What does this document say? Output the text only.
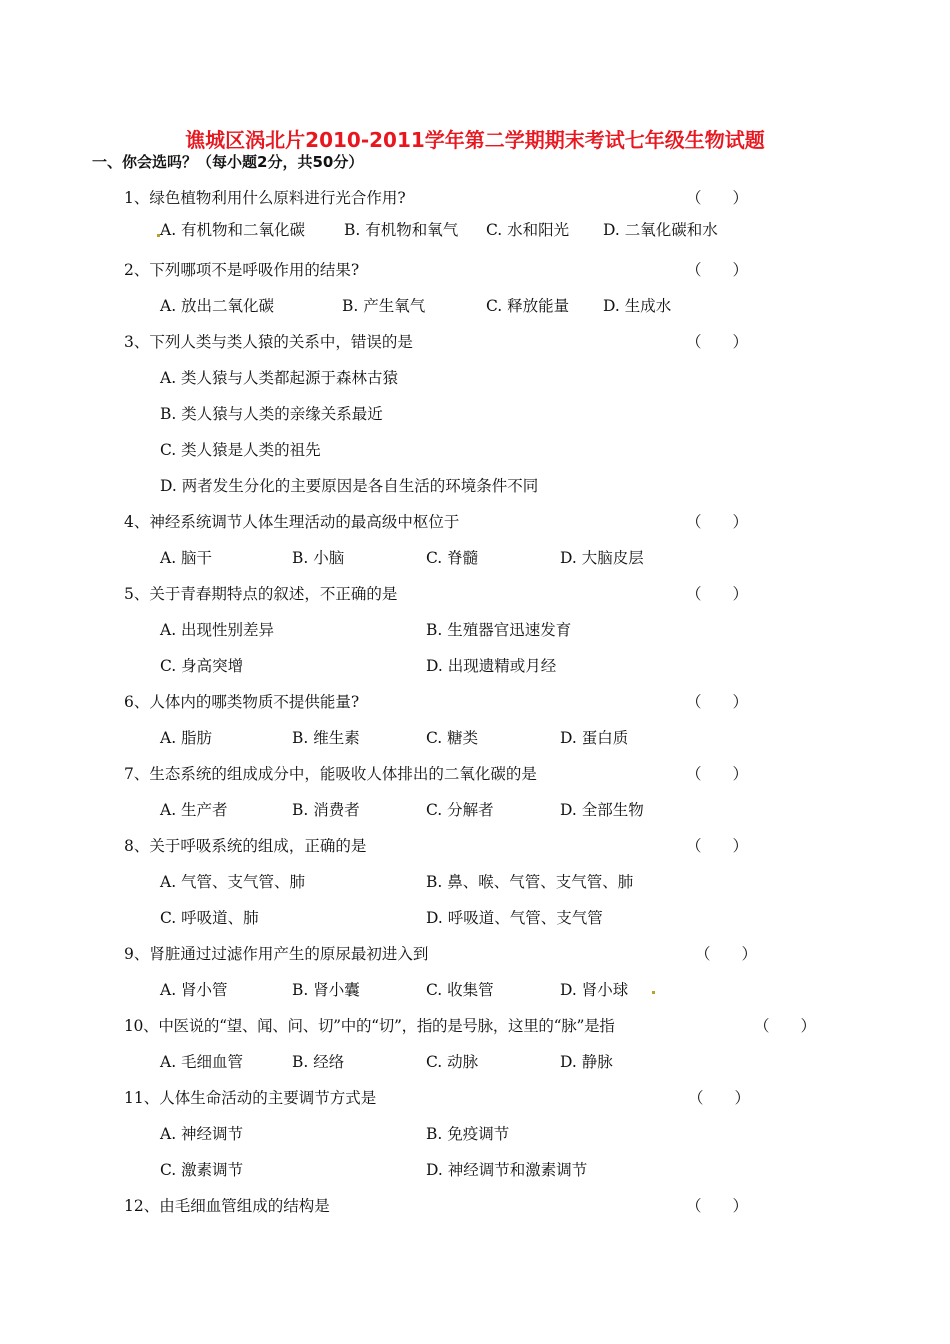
谯城区涡北片2010-2011学年第二学期期末考试七年级生物试题
一、你会选吗？（每小题2分，共50分）
1、绿色植物利用什么原料进行光合作用?	（　　）
A. 有机物和二氧化碳	B. 有机物和氧气 C. 水和阳光 D. 二氧化碳和水
2、下列哪项不是呼吸作用的结果?	（　　）
A. 放出二氧化碳	B. 产生氧气	C. 释放能量 D. 生成水
3、下列人类与类人猿的关系中，错误的是	（　　）
A. 类人猿与人类都起源于森林古猿
B. 类人猿与人类的亲缘关系最近
C. 类人猿是人类的祖先
D. 两者发生分化的主要原因是各自生活的环境条件不同
4、神经系统调节人体生理活动的最高级中枢位于	（　　）
A. 脑干	B. 小脑	C. 脊髓	D. 大脑皮层
5、关于青春期特点的叙述，不正确的是	（　　）
A. 出现性别差异	B. 生殖器官迅速发育
C. 身高突增	D. 出现遗精或月经
6、人体内的哪类物质不提供能量?	（　　）
A. 脂肪	B. 维生素	C. 糖类	D. 蛋白质
7、生态系统的组成成分中，能吸收人体排出的二氧化碳的是	（　　）
A. 生产者	B. 消费者	C. 分解者	D. 全部生物
8、关于呼吸系统的组成，正确的是	（　　）
A. 气管、支气管、肺	B. 鼻、喉、气管、支气管、肺
C. 呼吸道、肺	D. 呼吸道、气管、支气管
9、肾脏通过过滤作用产生的原尿最初进入到	（　　）
A. 肾小管	B. 肾小囊	C. 收集管	D. 肾小球
10、中医说的“望、闻、问、切”中的“切”，指的是号脉，这里的“脉”是指	（　　）
A. 毛细血管	B. 经络	C. 动脉	D. 静脉
11、人体生命活动的主要调节方式是	（　　）
A. 神经调节	B. 免疫调节
C. 激素调节	D. 神经调节和激素调节
12、由毛细血管组成的结构是	（　　）
